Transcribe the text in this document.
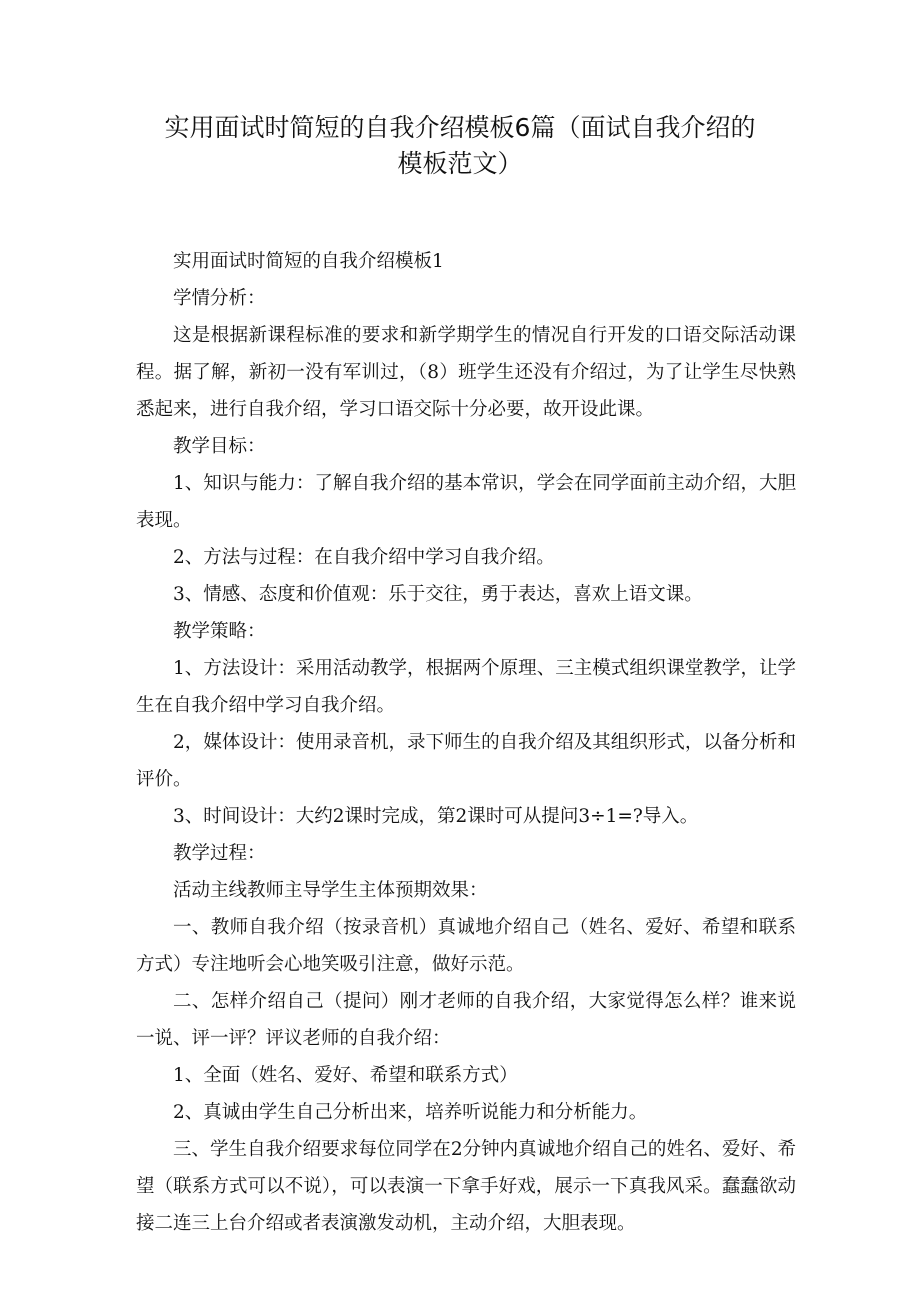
实用面试时简短的自我介绍模板6篇（面试自我介绍的
模板范文）

实用面试时简短的自我介绍模板1

学情分析：

这是根据新课程标准的要求和新学期学生的情况自行开发的口语交际活动课程。据了解，新初一没有军训过，（8）班学生还没有介绍过，为了让学生尽快熟悉起来，进行自我介绍，学习口语交际十分必要，故开设此课。

教学目标：

1、知识与能力：了解自我介绍的基本常识，学会在同学面前主动介绍，大胆表现。

2、方法与过程：在自我介绍中学习自我介绍。

3、情感、态度和价值观：乐于交往，勇于表达，喜欢上语文课。

教学策略：

1、方法设计：采用活动教学，根据两个原理、三主模式组织课堂教学，让学生在自我介绍中学习自我介绍。

2，媒体设计：使用录音机，录下师生的自我介绍及其组织形式，以备分析和评价。

3、时间设计：大约2课时完成，第2课时可从提问3÷1=?导入。

教学过程：

活动主线教师主导学生主体预期效果：

一、教师自我介绍（按录音机）真诚地介绍自己（姓名、爱好、希望和联系方式）专注地听会心地笑吸引注意，做好示范。

二、怎样介绍自己（提问）刚才老师的自我介绍，大家觉得怎么样？谁来说一说、评一评？评议老师的自我介绍：

1、全面（姓名、爱好、希望和联系方式）

2、真诚由学生自己分析出来，培养听说能力和分析能力。

三、学生自我介绍要求每位同学在2分钟内真诚地介绍自己的姓名、爱好、希望（联系方式可以不说），可以表演一下拿手好戏，展示一下真我风采。蠢蠢欲动接二连三上台介绍或者表演激发动机，主动介绍，大胆表现。
